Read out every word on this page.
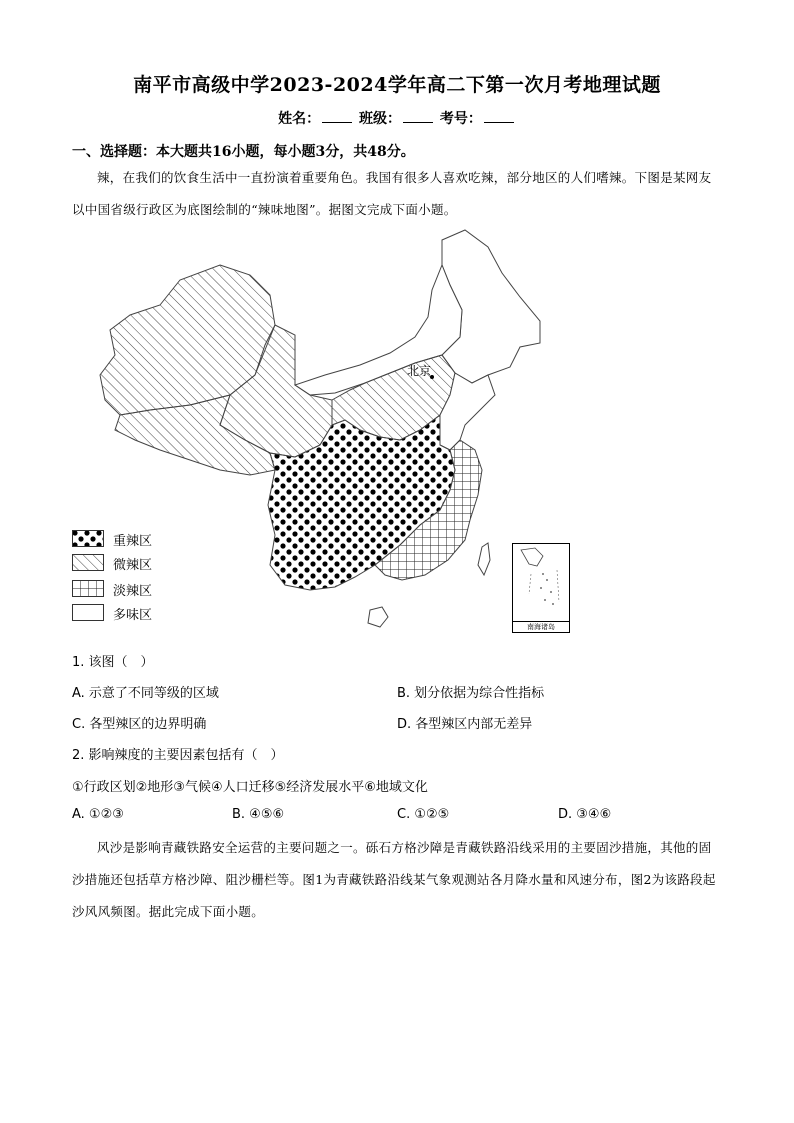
南平市高级中学2023-2024学年高二下第一次月考地理试题
姓名：	班级：	考号：
一、选择题：本大题共16小题，每小题3分，共48分。
辣，在我们的饮食生活中一直扮演着重要角色。我国有很多人喜欢吃辣，部分地区的人们嗜辣。下图是某网友以中国省级行政区为底图绘制的“辣味地图”。据图文完成下面小题。
北京
南海诸岛
重辣区
微辣区
淡辣区
多味区
1. 该图（　）
A. 示意了不同等级的区域	B. 划分依据为综合性指标
C. 各型辣区的边界明确	D. 各型辣区内部无差异
2. 影响辣度的主要因素包括有（　）
①行政区划②地形③气候④人口迁移⑤经济发展水平⑥地域文化
A. ①②③	B. ④⑤⑥	C. ①②⑤	D. ③④⑥
风沙是影响青藏铁路安全运营的主要问题之一。砾石方格沙障是青藏铁路沿线采用的主要固沙措施，其他的固沙措施还包括草方格沙障、阻沙栅栏等。图1为青藏铁路沿线某气象观测站各月降水量和风速分布，图2为该路段起沙风风频图。据此完成下面小题。
